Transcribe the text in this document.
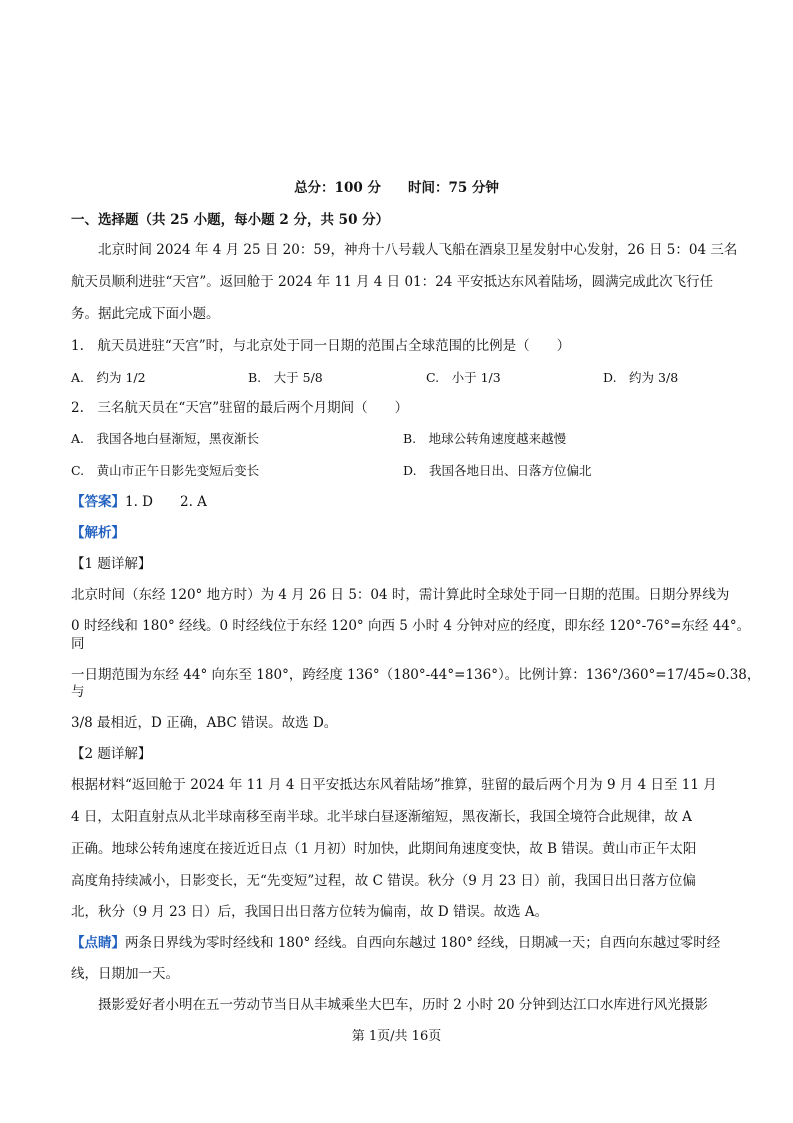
总分：100 分　　时间：75 分钟
一、选择题（共 25 小题，每小题 2 分，共 50 分）
北京时间 2024 年 4 月 25 日 20：59，神舟十八号载人飞船在酒泉卫星发射中心发射，26 日 5：04 三名
航天员顺利进驻“天宫”。返回舱于 2024 年 11 月 4 日 01：24 平安抵达东风着陆场，圆满完成此次飞行任
务。据此完成下面小题。
1.　航天员进驻“天宫”时，与北京处于同一日期的范围占全球范围的比例是（　　）
A.　约为 1/2	B.　大于 5/8	C.　小于 1/3	D.　约为 3/8
2.　三名航天员在“天宫”驻留的最后两个月期间（　　）
A.　我国各地白昼渐短，黑夜渐长	B.　地球公转角速度越来越慢
C.　黄山市正午日影先变短后变长	D.　我国各地日出、日落方位偏北
【答案】1. D　　2. A
【解析】
【1 题详解】
北京时间（东经 120° 地方时）为 4 月 26 日 5：04 时，需计算此时全球处于同一日期的范围。日期分界线为
0 时经线和 180° 经线。0 时经线位于东经 120° 向西 5 小时 4 分钟对应的经度，即东经 120°-76°=东经 44°。
同
一日期范围为东经 44° 向东至 180°，跨经度 136°（180°-44°=136°）。比例计算：136°/360°=17/45≈0.38，
与
3/8 最相近，D 正确，ABC 错误。故选 D。
【2 题详解】
根据材料“返回舱于 2024 年 11 月 4 日平安抵达东风着陆场”推算，驻留的最后两个月为 9 月 4 日至 11 月
4 日，太阳直射点从北半球南移至南半球。北半球白昼逐渐缩短，黑夜渐长，我国全境符合此规律，故 A
正确。地球公转角速度在接近近日点（1 月初）时加快，此期间角速度变快，故 B 错误。黄山市正午太阳
高度角持续减小，日影变长，无“先变短”过程，故 C 错误。秋分（9 月 23 日）前，我国日出日落方位偏
北，秋分（9 月 23 日）后，我国日出日落方位转为偏南，故 D 错误。故选 A。
【点睛】两条日界线为零时经线和 180° 经线。自西向东越过 180° 经线，日期减一天；自西向东越过零时经
线，日期加一天。
摄影爱好者小明在五一劳动节当日从丰城乘坐大巴车，历时 2 小时 20 分钟到达江口水库进行风光摄影
第 1页/共 16页
